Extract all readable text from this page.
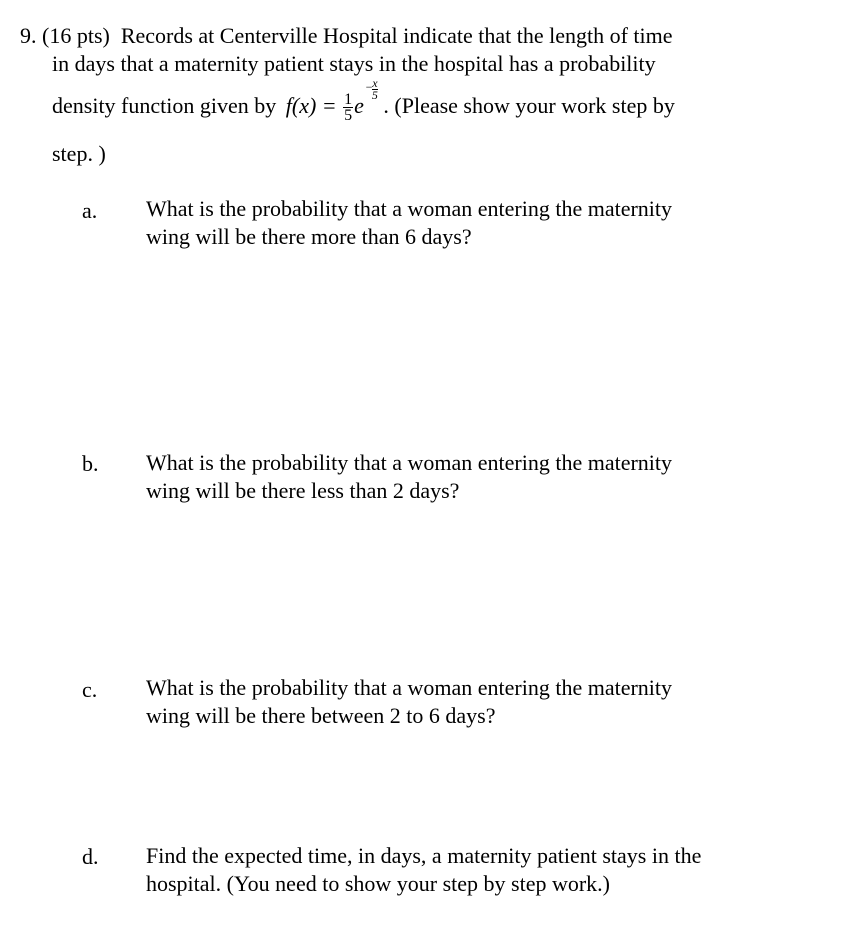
9. (16 pts) Records at Centerville Hospital indicate that the length of time
in days that a maternity patient stays in the hospital has a probability
density function given by $f(x) = \frac{1}{5}$ e
− x
5 . (Please show your work step by
step. )
a. What is the probability that a woman entering the maternity
wing will be there more than 6 days?
b. What is the probability that a woman entering the maternity
wing will be there less than 2 days?
c. What is the probability that a woman entering the maternity
wing will be there between 2 to 6 days?
d. Find the expected time, in days, a maternity patient stays in the
hospital. (You need to show your step by step work.)
